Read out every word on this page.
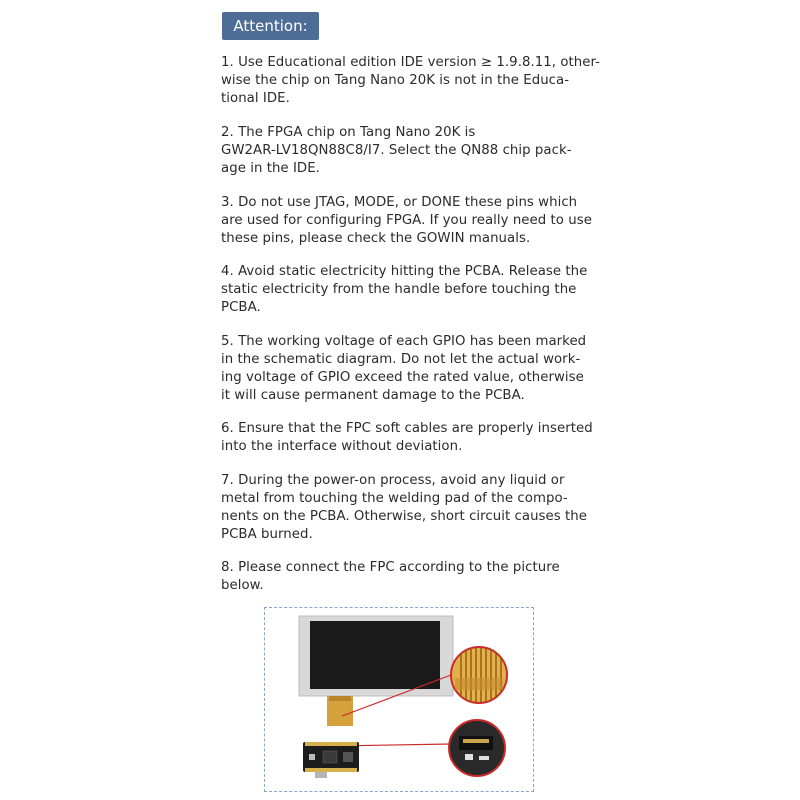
Attention:

1. Use Educational edition IDE version ≥ 1.9.8.11, other-
wise the chip on Tang Nano 20K is not in the Educa-
tional IDE.

2. The FPGA chip on Tang Nano 20K is
GW2AR-LV18QN88C8/I7. Select the QN88 chip pack-
age in the IDE.

3. Do not use JTAG, MODE, or DONE these pins which
are used for configuring FPGA. If you really need to use
these pins, please check the GOWIN manuals.

4. Avoid static electricity hitting the PCBA. Release the
static electricity from the handle before touching the
PCBA.

5. The working voltage of each GPIO has been marked
in the schematic diagram. Do not let the actual work-
ing voltage of GPIO exceed the rated value, otherwise
it will cause permanent damage to the PCBA.

6. Ensure that the FPC soft cables are properly inserted
into the interface without deviation.

7. During the power-on process, avoid any liquid or
metal from touching the welding pad of the compo-
nents on the PCBA. Otherwise, short circuit causes the
PCBA burned.

8. Please connect the FPC according to the picture
below.
